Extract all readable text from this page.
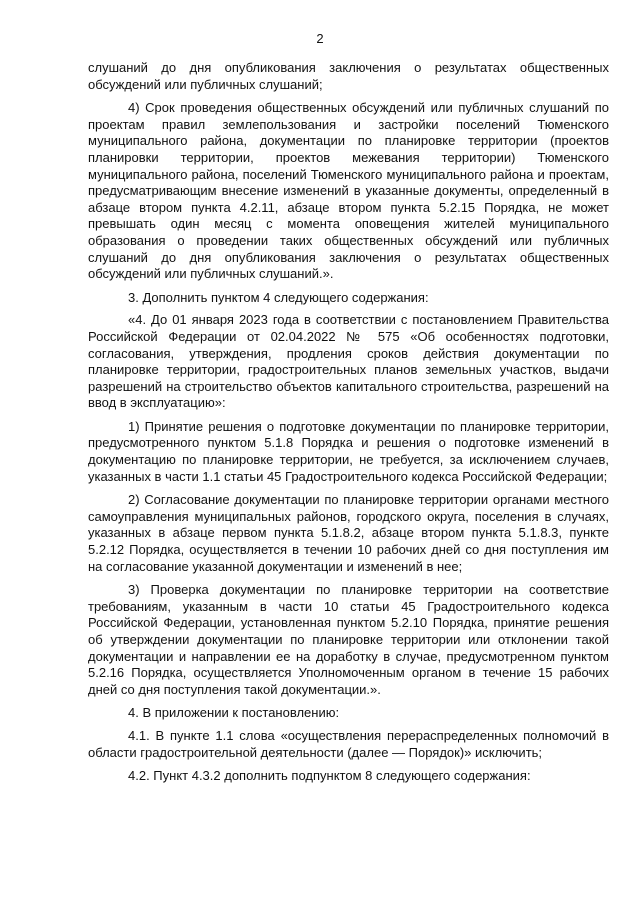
2

слушаний до дня опубликования заключения о результатах общественных обсуждений или публичных слушаний;

4) Срок проведения общественных обсуждений или публичных слушаний по проектам правил землепользования и застройки поселений Тюменского муниципального района, документации по планировке территории (проектов планировки территории, проектов межевания территории) Тюменского муниципального района, поселений Тюменского муниципального района и проектам, предусматривающим внесение изменений в указанные документы, определенный в абзаце втором пункта 4.2.11, абзаце втором пункта 5.2.15 Порядка, не может превышать один месяц с момента оповещения жителей муниципального образования о проведении таких общественных обсуждений или публичных слушаний до дня опубликования заключения о результатах общественных обсуждений или публичных слушаний.».

3. Дополнить пунктом 4 следующего содержания:

«4. До 01 января 2023 года в соответствии с постановлением Правительства Российской Федерации от 02.04.2022 № 575 «Об особенностях подготовки, согласования, утверждения, продления сроков действия документации по планировке территории, градостроительных планов земельных участков, выдачи разрешений на строительство объектов капитального строительства, разрешений на ввод в эксплуатацию»:

1) Принятие решения о подготовке документации по планировке территории, предусмотренного пунктом 5.1.8 Порядка и решения о подготовке изменений в документацию по планировке территории, не требуется, за исключением случаев, указанных в части 1.1 статьи 45 Градостроительного кодекса Российской Федерации;

2) Согласование документации по планировке территории органами местного самоуправления муниципальных районов, городского округа, поселения в случаях, указанных в абзаце первом пункта 5.1.8.2, абзаце втором пункта 5.1.8.3, пункте 5.2.12 Порядка, осуществляется в течении 10 рабочих дней со дня поступления им на согласование указанной документации и изменений в нее;

3) Проверка документации по планировке территории на соответствие требованиям, указанным в части 10 статьи 45 Градостроительного кодекса Российской Федерации, установленная пунктом 5.2.10 Порядка, принятие решения об утверждении документации по планировке территории или отклонении такой документации и направлении ее на доработку в случае, предусмотренном пунктом 5.2.16 Порядка, осуществляется Уполномоченным органом в течение 15 рабочих дней со дня поступления такой документации.».

4. В приложении к постановлению:

4.1. В пункте 1.1 слова «осуществления перераспределенных полномочий в области градостроительной деятельности (далее — Порядок)» исключить;

4.2. Пункт 4.3.2 дополнить подпунктом 8 следующего содержания:
